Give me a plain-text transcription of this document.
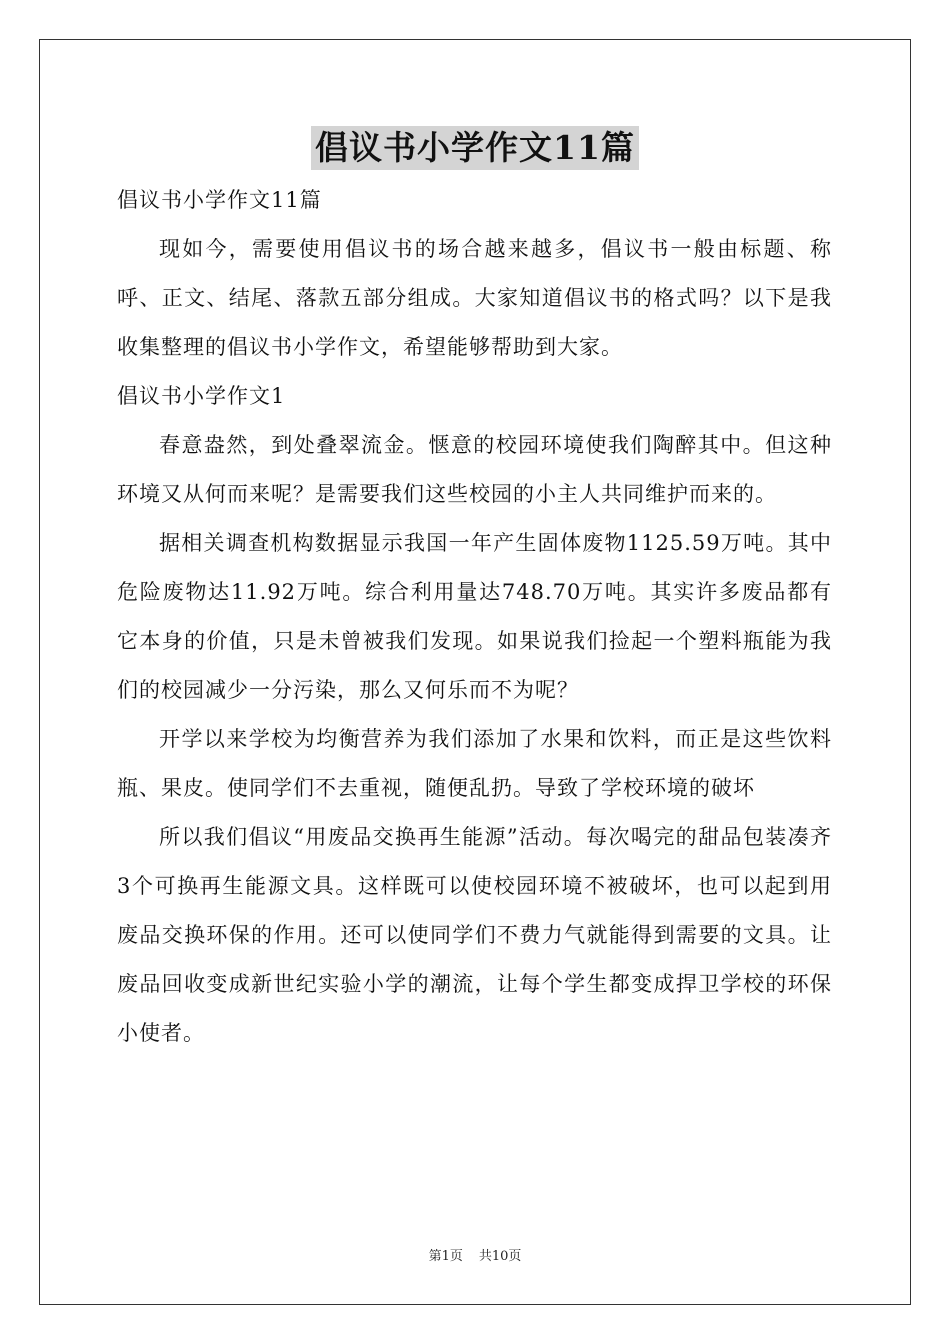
倡议书小学作文11篇

倡议书小学作文11篇

现如今，需要使用倡议书的场合越来越多，倡议书一般由标题、称呼、正文、结尾、落款五部分组成。大家知道倡议书的格式吗？以下是我收集整理的倡议书小学作文，希望能够帮助到大家。

倡议书小学作文1

春意盎然，到处叠翠流金。惬意的校园环境使我们陶醉其中。但这种环境又从何而来呢？是需要我们这些校园的小主人共同维护而来的。

据相关调查机构数据显示我国一年产生固体废物1125.59万吨。其中危险废物达11.92万吨。综合利用量达748.70万吨。其实许多废品都有它本身的价值，只是未曾被我们发现。如果说我们捡起一个塑料瓶能为我们的校园减少一分污染，那么又何乐而不为呢？

开学以来学校为均衡营养为我们添加了水果和饮料，而正是这些饮料瓶、果皮。使同学们不去重视，随便乱扔。导致了学校环境的破坏

所以我们倡议“用废品交换再生能源”活动。每次喝完的甜品包装凑齐3个可换再生能源文具。这样既可以使校园环境不被破坏，也可以起到用废品交换环保的作用。还可以使同学们不费力气就能得到需要的文具。让废品回收变成新世纪实验小学的潮流，让每个学生都变成捍卫学校的环保小使者。

第1页 共10页
